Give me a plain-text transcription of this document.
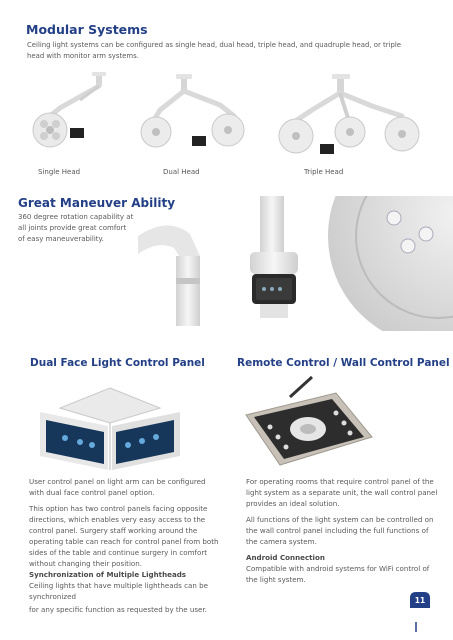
Modular Systems
Ceiling light systems can be configured as single head, dual head, triple head, and quadruple head, or triple head with monitor arm systems.
Single Head	Dual Head	Triple Head
Great Maneuver Ability

360 degree rotation capability at

all joints provide great comfort

of easy maneuverability.

Dual Face Light Control Panel

User control panel on light arm can be configured with dual face control panel option.

This option has two control panels facing opposite directions, which enables very easy access to the control panel. Surgery staff working around the operating table can reach for control panel from both sides of the table and continue surgery in comfort without changing their position.

Synchronization of Multiple Lightheads

Ceiling lights that have multiple lightheads can be synchronized

for any specific function as requested by the user.

Remote Control / Wall Control Panel

For operating rooms that require control panel of the light system as a separate unit, the wall control panel provides an ideal solution.

All functions of the light system can be controlled on the wall control panel including the full functions of the camera system.

Android Connection

Compatible with android systems for WiFi control of the light system.

11
